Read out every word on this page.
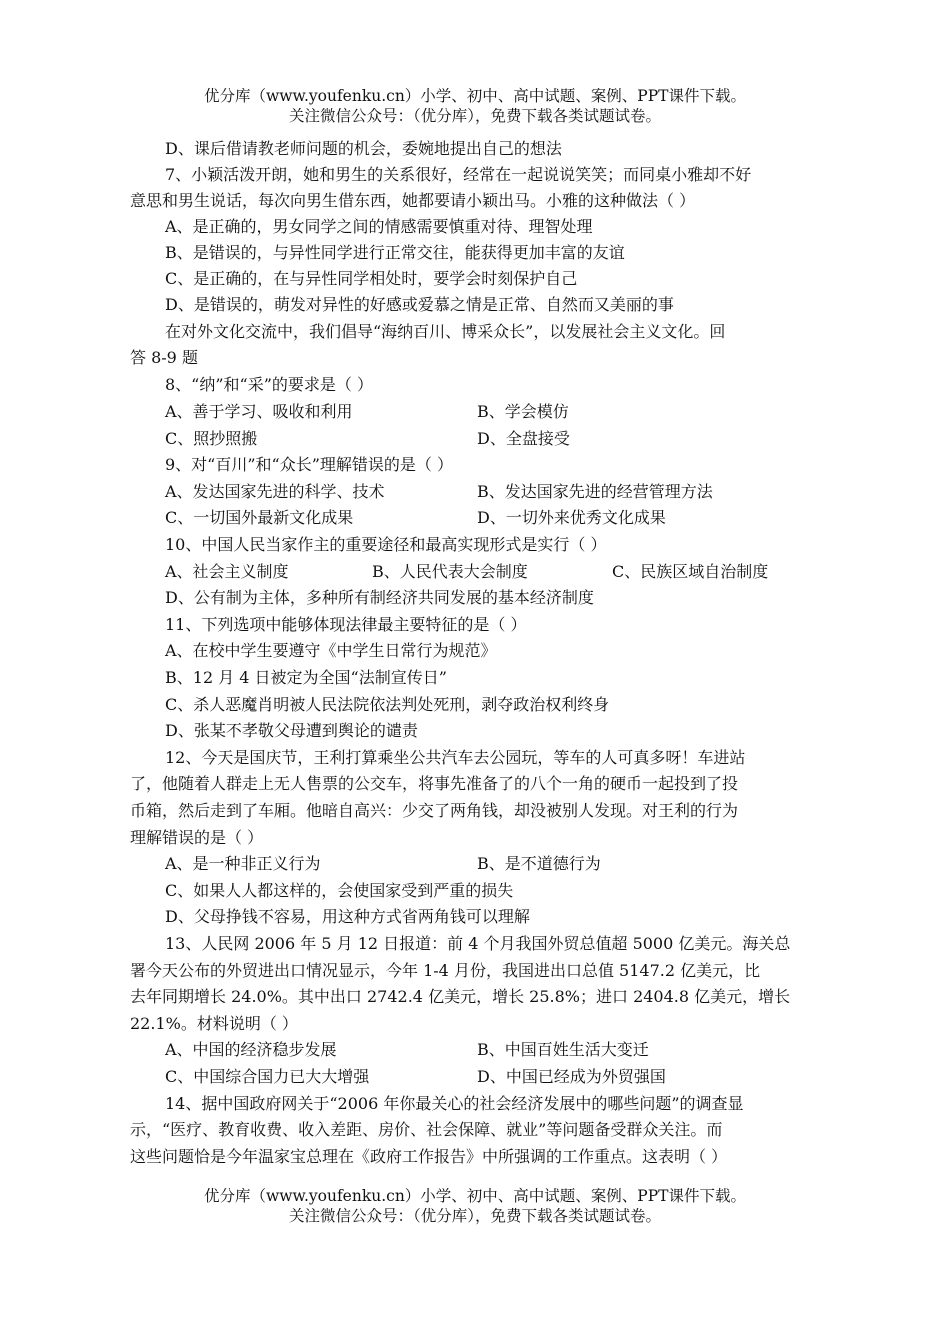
优分库（www.youfenku.cn）小学、初中、高中试题、案例、PPT课件下载。
关注微信公众号：（优分库），免费下载各类试题试卷。
D、课后借请教老师问题的机会，委婉地提出自己的想法
7、小颖活泼开朗，她和男生的关系很好，经常在一起说说笑笑；而同桌小雅却不好
意思和男生说话，每次向男生借东西，她都要请小颖出马。小雅的这种做法（ ）
A、是正确的，男女同学之间的情感需要慎重对待、理智处理
B、是错误的，与异性同学进行正常交往，能获得更加丰富的友谊
C、是正确的，在与异性同学相处时，要学会时刻保护自己
D、是错误的，萌发对异性的好感或爱慕之情是正常、自然而又美丽的事
在对外文化交流中，我们倡导“海纳百川、博采众长”，以发展社会主义文化。回
答 8-9 题
8、“纳”和“采”的要求是（ ）
A、善于学习、吸收和利用	B、学会模仿
C、照抄照搬	D、全盘接受
9、对“百川”和“众长”理解错误的是（ ）
A、发达国家先进的科学、技术	B、发达国家先进的经营管理方法
C、一切国外最新文化成果	D、一切外来优秀文化成果
10、中国人民当家作主的重要途径和最高实现形式是实行（ ）
A、社会主义制度	B、人民代表大会制度	C、民族区域自治制度
D、公有制为主体，多种所有制经济共同发展的基本经济制度
11、下列选项中能够体现法律最主要特征的是（ ）
A、在校中学生要遵守《中学生日常行为规范》
B、12 月 4 日被定为全国“法制宣传日”
C、杀人恶魔肖明被人民法院依法判处死刑，剥夺政治权利终身
D、张某不孝敬父母遭到舆论的谴责
12、今天是国庆节，王利打算乘坐公共汽车去公园玩，等车的人可真多呀！车进站
了，他随着人群走上无人售票的公交车，将事先准备了的八个一角的硬币一起投到了投
币箱，然后走到了车厢。他暗自高兴：少交了两角钱，却没被别人发现。对王利的行为
理解错误的是（ ）
A、是一种非正义行为	B、是不道德行为
C、如果人人都这样的，会使国家受到严重的损失
D、父母挣钱不容易，用这种方式省两角钱可以理解
13、人民网 2006 年 5 月 12 日报道：前 4 个月我国外贸总值超 5000 亿美元。海关总
署今天公布的外贸进出口情况显示，今年 1-4 月份，我国进出口总值 5147.2 亿美元，比
去年同期增长 24.0%。其中出口 2742.4 亿美元，增长 25.8%；进口 2404.8 亿美元，增长
22.1%。材料说明（ ）
A、中国的经济稳步发展	B、中国百姓生活大变迁
C、中国综合国力已大大增强	D、中国已经成为外贸强国
14、据中国政府网关于“2006 年你最关心的社会经济发展中的哪些问题”的调查显
示，“医疗、教育收费、收入差距、房价、社会保障、就业”等问题备受群众关注。而
这些问题恰是今年温家宝总理在《政府工作报告》中所强调的工作重点。这表明（ ）
优分库（www.youfenku.cn）小学、初中、高中试题、案例、PPT课件下载。
关注微信公众号：（优分库），免费下载各类试题试卷。
